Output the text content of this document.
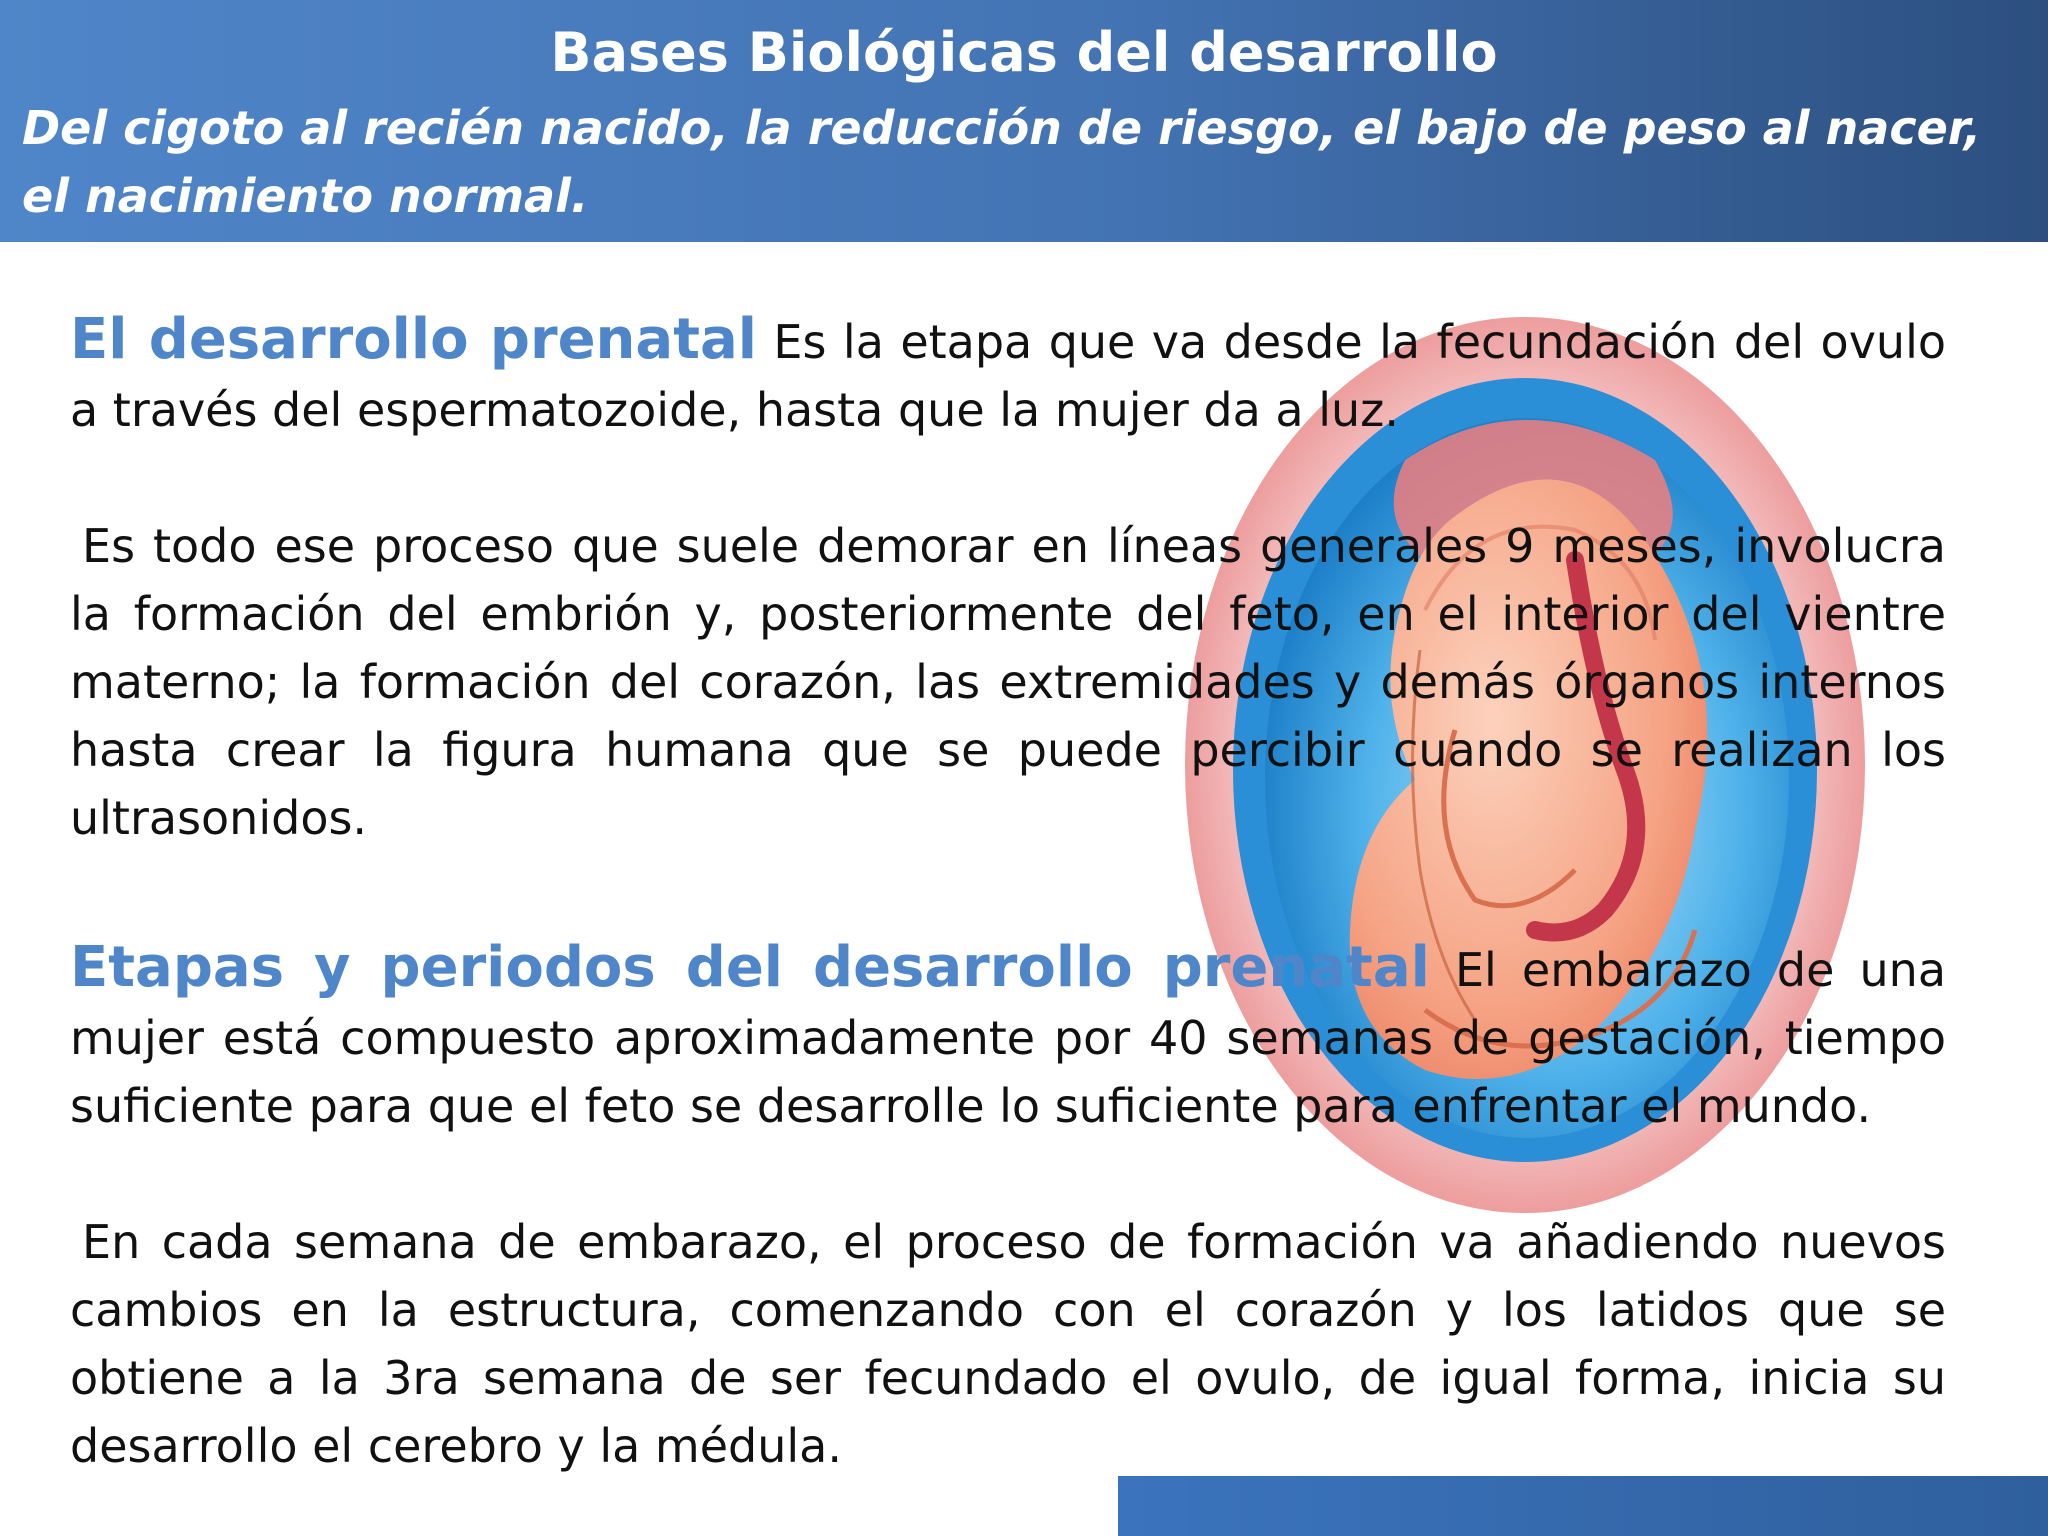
Bases Biológicas del desarrollo
Del cigoto al recién nacido, la reducción de riesgo, el bajo de peso al nacer, el nacimiento normal.
El desarrollo prenatal Es la etapa que va desde la fecundación del ovulo a través del espermatozoide, hasta que la mujer da a luz.
Es todo ese proceso que suele demorar en líneas generales 9 meses, involucra la formación del embrión y, posteriormente del feto, en el interior del vientre materno; la formación del corazón, las extremidades y demás órganos internos hasta crear la figura humana que se puede percibir cuando se realizan los ultrasonidos.
Etapas y periodos del desarrollo prenatal El embarazo de una mujer está compuesto aproximadamente por 40 semanas de gestación, tiempo suficiente para que el feto se desarrolle lo suficiente para enfrentar el mundo.
En cada semana de embarazo, el proceso de formación va añadiendo nuevos cambios en la estructura, comenzando con el corazón y los latidos que se obtiene a la 3ra semana de ser fecundado el ovulo, de igual forma, inicia su desarrollo el cerebro y la médula.
